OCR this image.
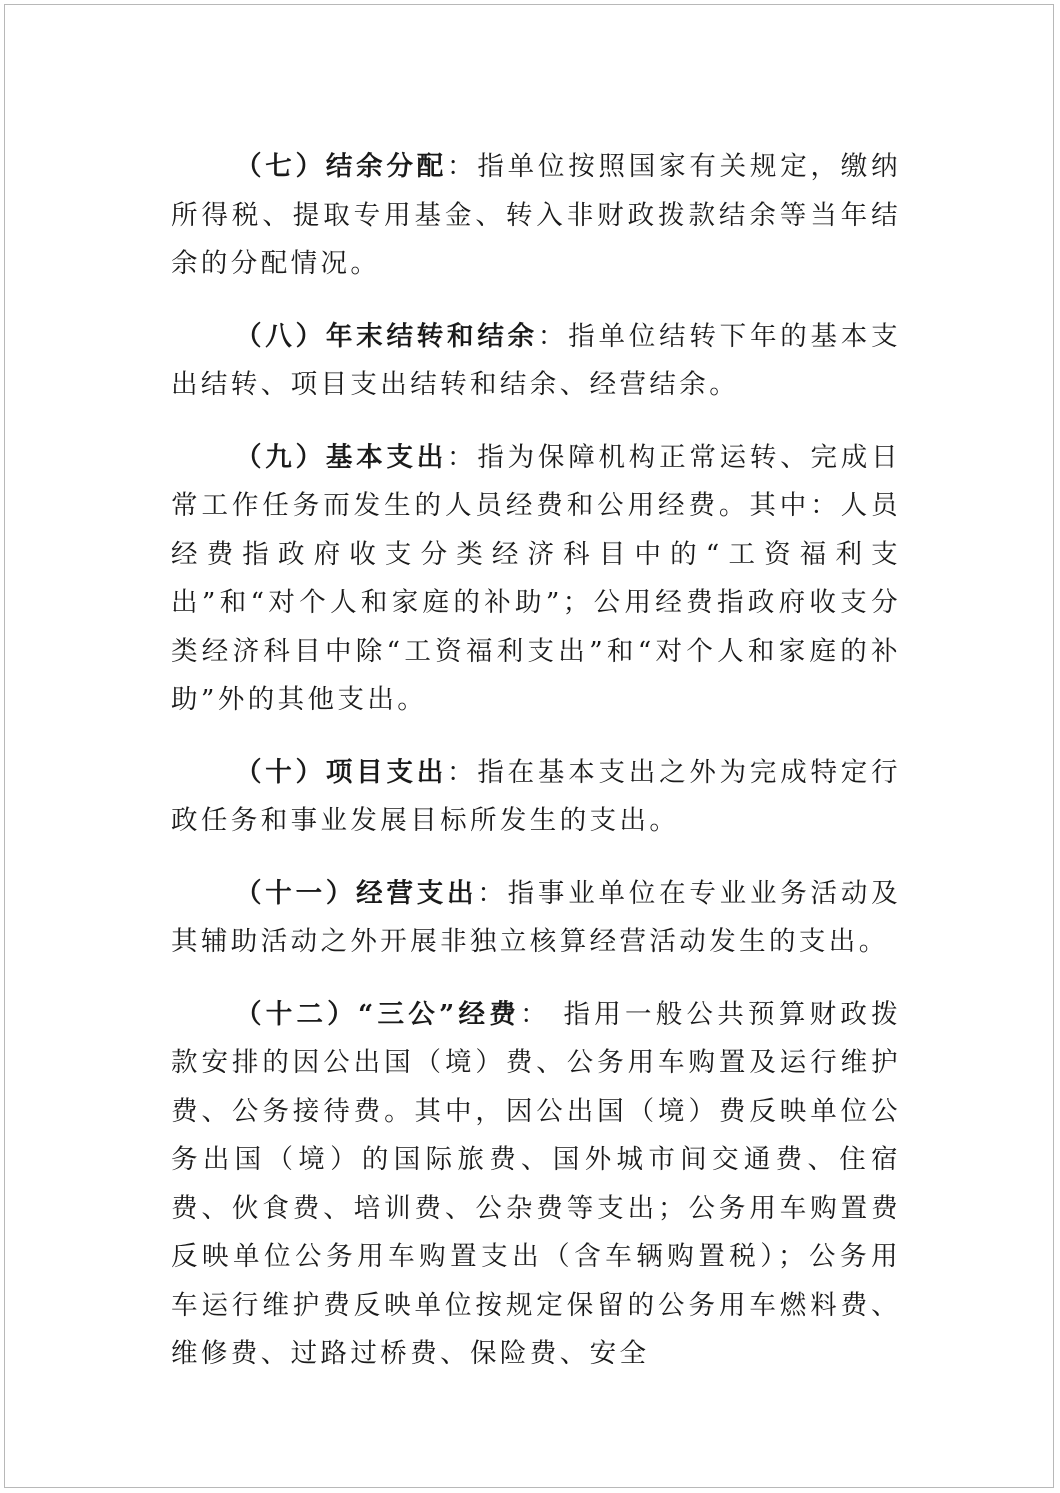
（七）结余分配：指单位按照国家有关规定，缴纳所得税、提取专用基金、转入非财政拨款结余等当年结余的分配情况。

（八）年末结转和结余：指单位结转下年的基本支出结转、项目支出结转和结余、经营结余。

（九）基本支出：指为保障机构正常运转、完成日常工作任务而发生的人员经费和公用经费。其中：人员经费指政府收支分类经济科目中的“工资福利支出”和“对个人和家庭的补助”；公用经费指政府收支分类经济科目中除“工资福利支出”和“对个人和家庭的补助”外的其他支出。

（十）项目支出：指在基本支出之外为完成特定行政任务和事业发展目标所发生的支出。

（十一）经营支出：指事业单位在专业业务活动及其辅助活动之外开展非独立核算经营活动发生的支出。

（十二）“三公”经费： 指用一般公共预算财政拨款安排的因公出国（境）费、公务用车购置及运行维护费、公务接待费。其中，因公出国（境）费反映单位公务出国（境）的国际旅费、国外城市间交通费、住宿费、伙食费、培训费、公杂费等支出；公务用车购置费反映单位公务用车购置支出（含车辆购置税）；公务用车运行维护费反映单位按规定保留的公务用车燃料费、维修费、过路过桥费、保险费、安全
